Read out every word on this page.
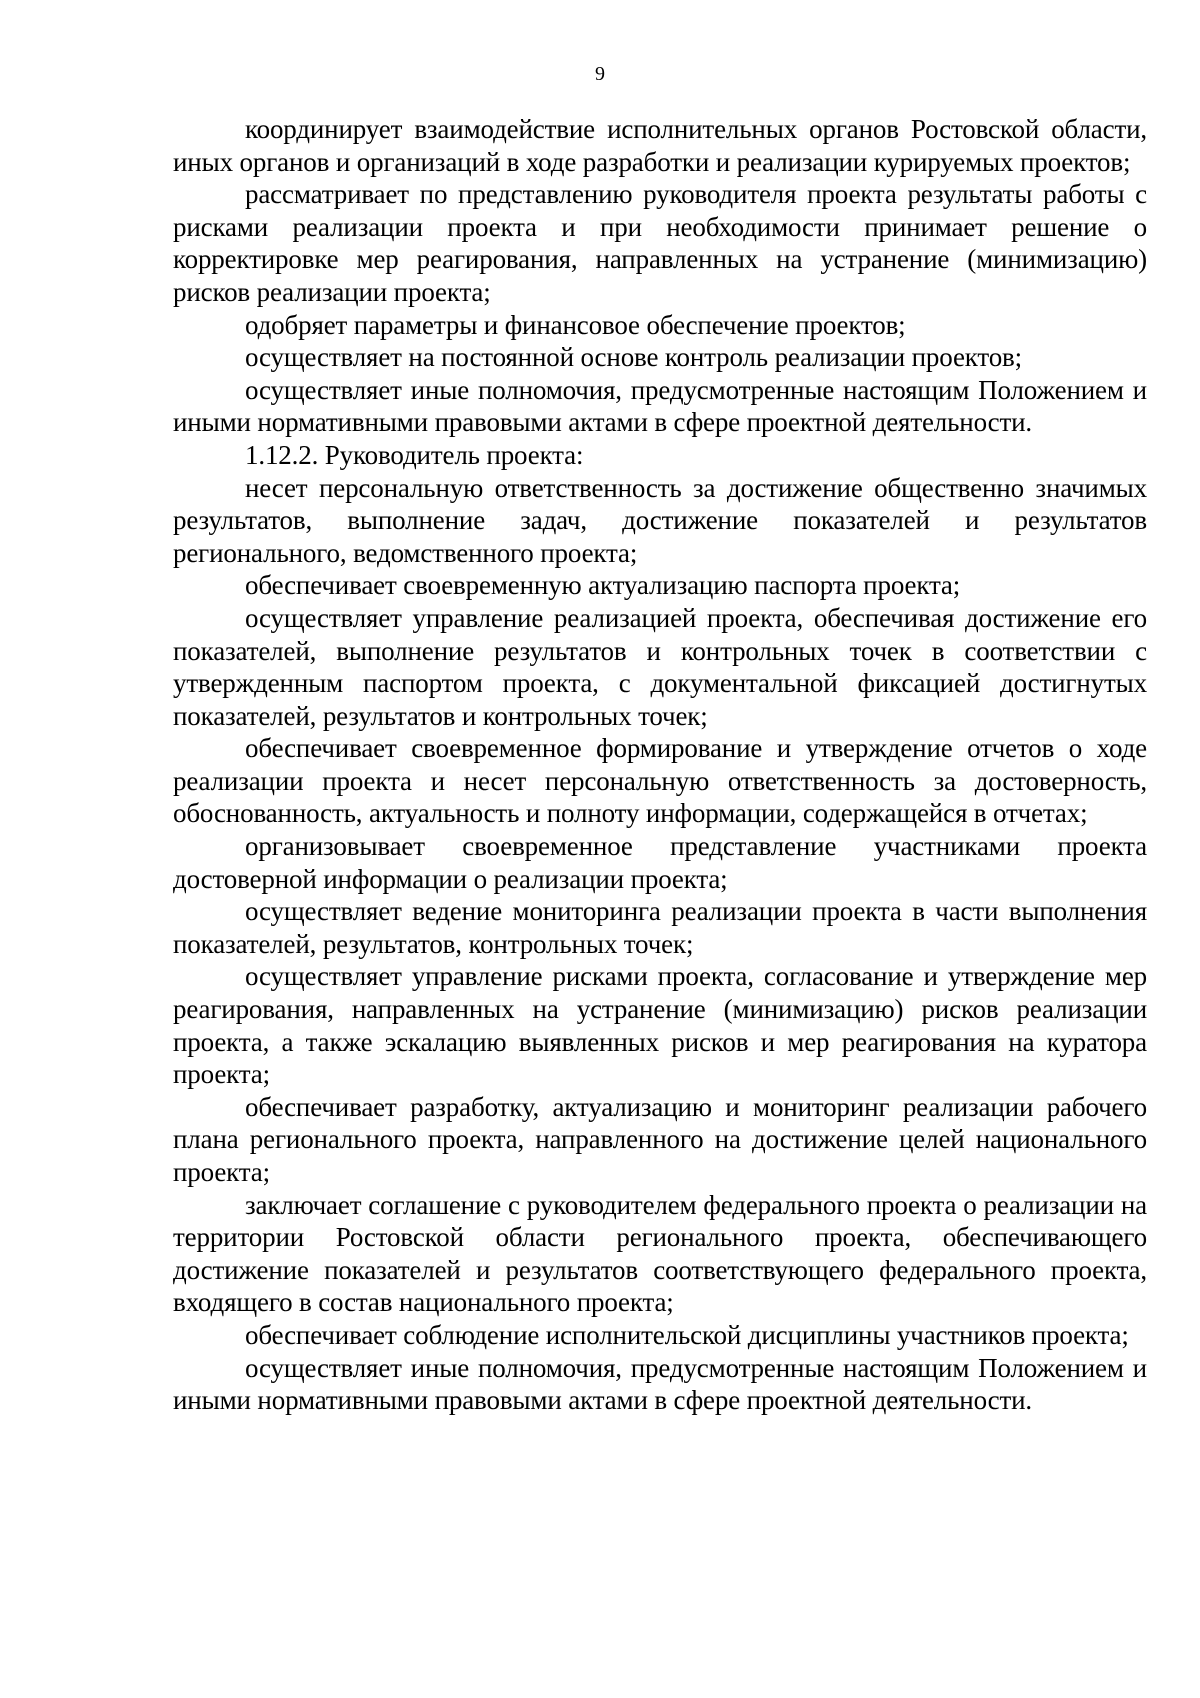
9

координирует взаимодействие исполнительных органов Ростовской области, иных органов и организаций в ходе разработки и реализации курируемых проектов;

рассматривает по представлению руководителя проекта результаты работы с рисками реализации проекта и при необходимости принимает решение о корректировке мер реагирования, направленных на устранение (минимизацию) рисков реализации проекта;

одобряет параметры и финансовое обеспечение проектов;

осуществляет на постоянной основе контроль реализации проектов;

осуществляет иные полномочия, предусмотренные настоящим Положением и иными нормативными правовыми актами в сфере проектной деятельности.

1.12.2. Руководитель проекта:

несет персональную ответственность за достижение общественно значимых результатов, выполнение задач, достижение показателей и результатов регионального, ведомственного проекта;

обеспечивает своевременную актуализацию паспорта проекта;

осуществляет управление реализацией проекта, обеспечивая достижение его показателей, выполнение результатов и контрольных точек в соответствии с утвержденным паспортом проекта, с документальной фиксацией достигнутых показателей, результатов и контрольных точек;

обеспечивает своевременное формирование и утверждение отчетов о ходе реализации проекта и несет персональную ответственность за достоверность, обоснованность, актуальность и полноту информации, содержащейся в отчетах;

организовывает своевременное представление участниками проекта достоверной информации о реализации проекта;

осуществляет ведение мониторинга реализации проекта в части выполнения показателей, результатов, контрольных точек;

осуществляет управление рисками проекта, согласование и утверждение мер реагирования, направленных на устранение (минимизацию) рисков реализации проекта, а также эскалацию выявленных рисков и мер реагирования на куратора проекта;

обеспечивает разработку, актуализацию и мониторинг реализации рабочего плана регионального проекта, направленного на достижение целей национального проекта;

заключает соглашение с руководителем федерального проекта о реализации на территории Ростовской области регионального проекта, обеспечивающего достижение показателей и результатов соответствующего федерального проекта, входящего в состав национального проекта;

обеспечивает соблюдение исполнительской дисциплины участников проекта;

осуществляет иные полномочия, предусмотренные настоящим Положением и иными нормативными правовыми актами в сфере проектной деятельности.
